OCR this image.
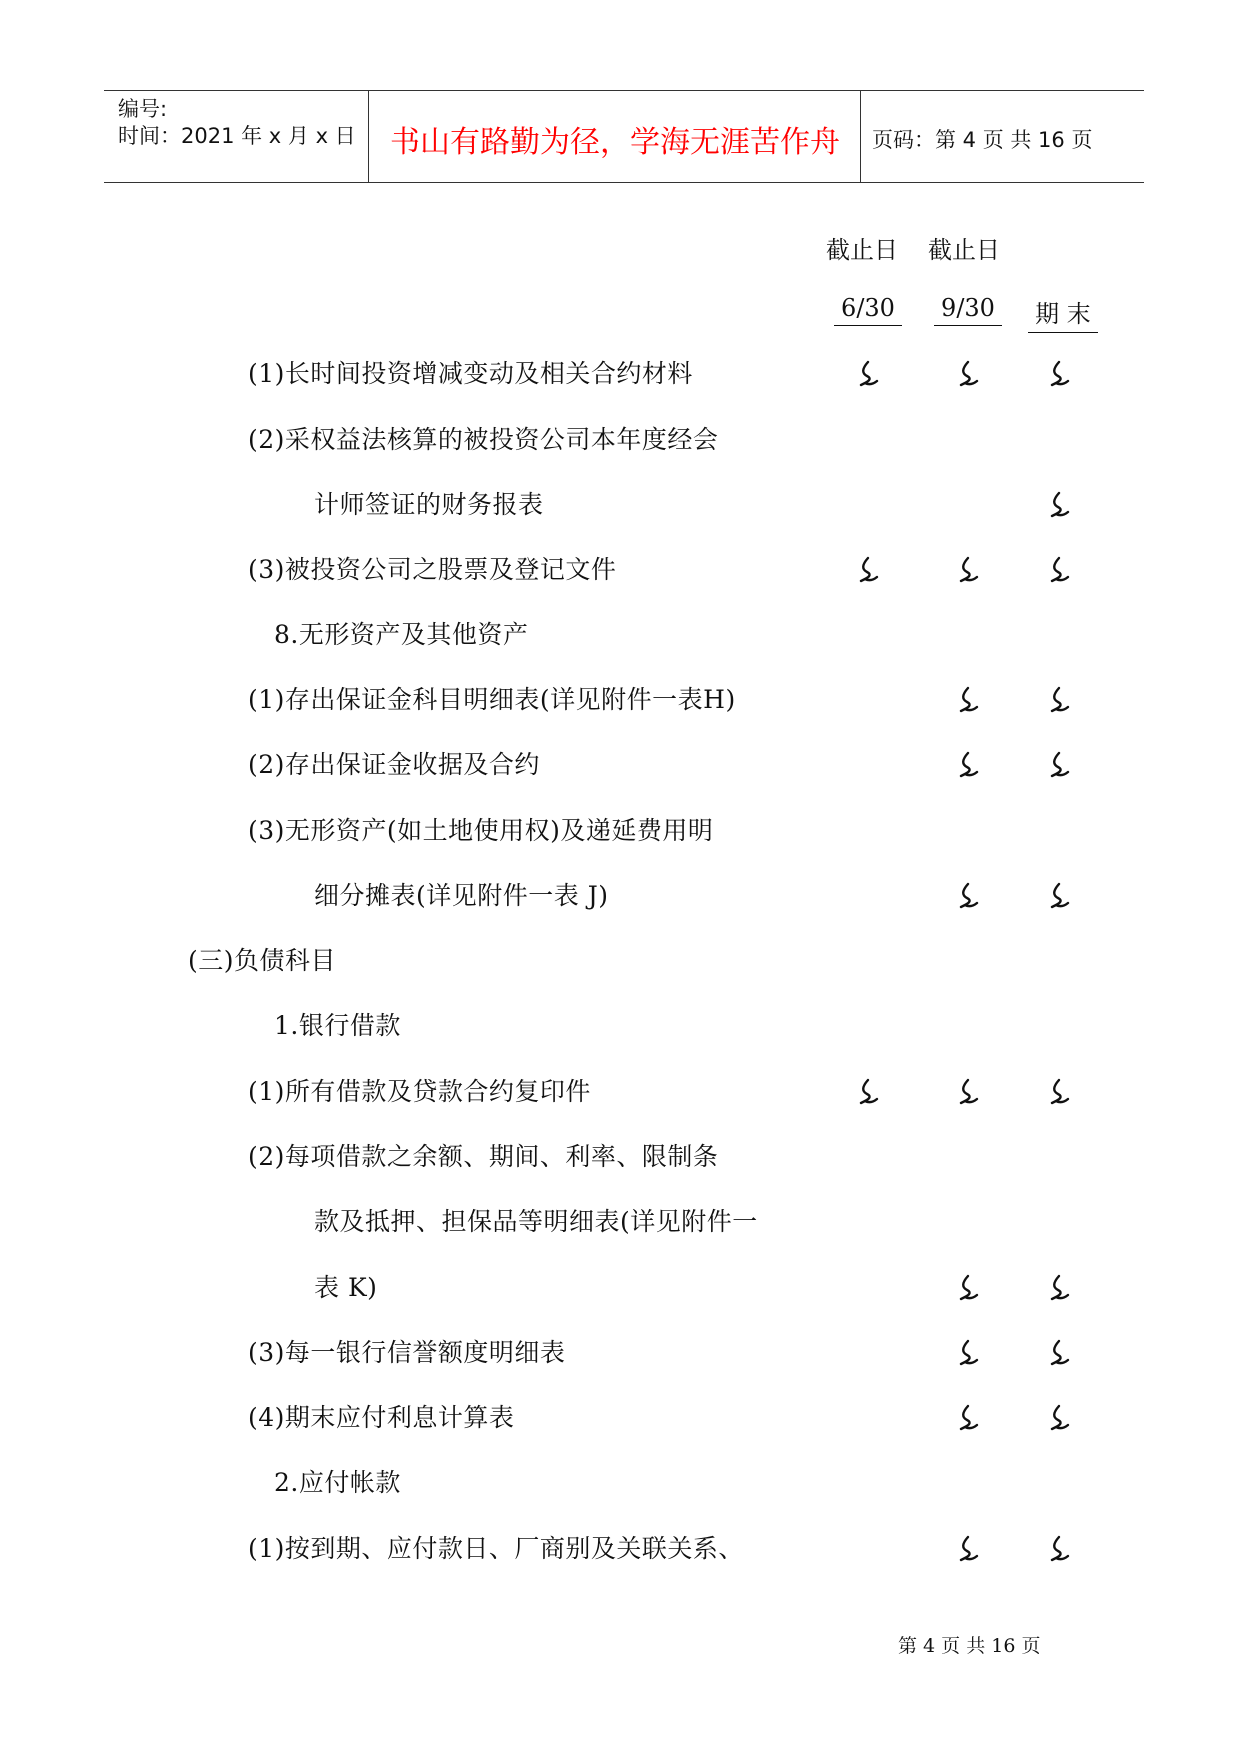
编号:
时间：2021 年 x 月 x 日	书山有路勤为径，学海无涯苦作舟	页码：第 4 页 共 16 页
截止日 截止日
6/30 9/30 期 末
(1)长时间投资增减变动及相关合约材料
(2)采权益法核算的被投资公司本年度经会
计师签证的财务报表
(3)被投资公司之股票及登记文件
8.无形资产及其他资产
(1)存出保证金科目明细表(详见附件一表H)
(2)存出保证金收据及合约
(3)无形资产(如土地使用权)及递延费用明
细分摊表(详见附件一表 J)
(三)负债科目
1.银行借款
(1)所有借款及贷款合约复印件
(2)每项借款之余额、期间、利率、限制条
款及抵押、担保品等明细表(详见附件一
表 K)
(3)每一银行信誉额度明细表
(4)期末应付利息计算表
2.应付帐款
(1)按到期、应付款日、厂商别及关联关系、
第 4 页 共 16 页
